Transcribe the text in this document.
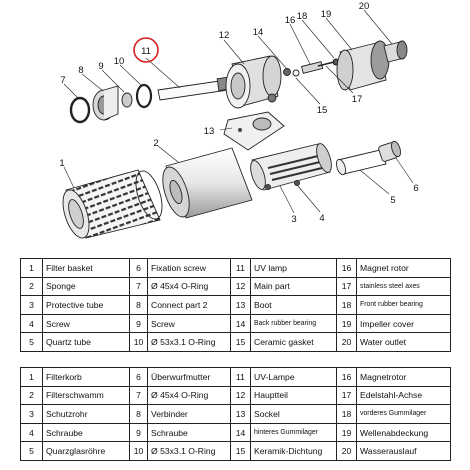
1
2
3 4
5
6
7
8 9 10
11
12
13
14
15
16
17
18 19
20
1	Filter basket	6	Fixation screw	11	UV lamp	16	Magnet rotor
2	Sponge	7	Ø 45x4 O-Ring	12	Main part	17	stainless steel axes
3	Protective tube	8	Connect part 2	13	Boot	18	Front rubber bearing
4	Screw	9	Screw	14	Back rubber bearing	19	Impeller cover
5	Quartz tube	10	Ø 53x3.1 O-Ring	15	Ceramic gasket	20	Water outlet
1	Filterkorb	6	Überwurfmutter	11	UV-Lampe	16	Magnetrotor
2	Filterschwamm	7	Ø 45x4 O-Ring	12	Hauptteil	17	Edelstahl-Achse
3	Schutzrohr	8	Verbinder	13	Sockel	18	vorderes Gummilager
4	Schraube	9	Schraube	14	hinteres Gummilager	19	Wellenabdeckung
5	Quarzglasröhre	10	Ø 53x3.1 O-Ring	15	Keramik-Dichtung	20	Wasserauslauf
